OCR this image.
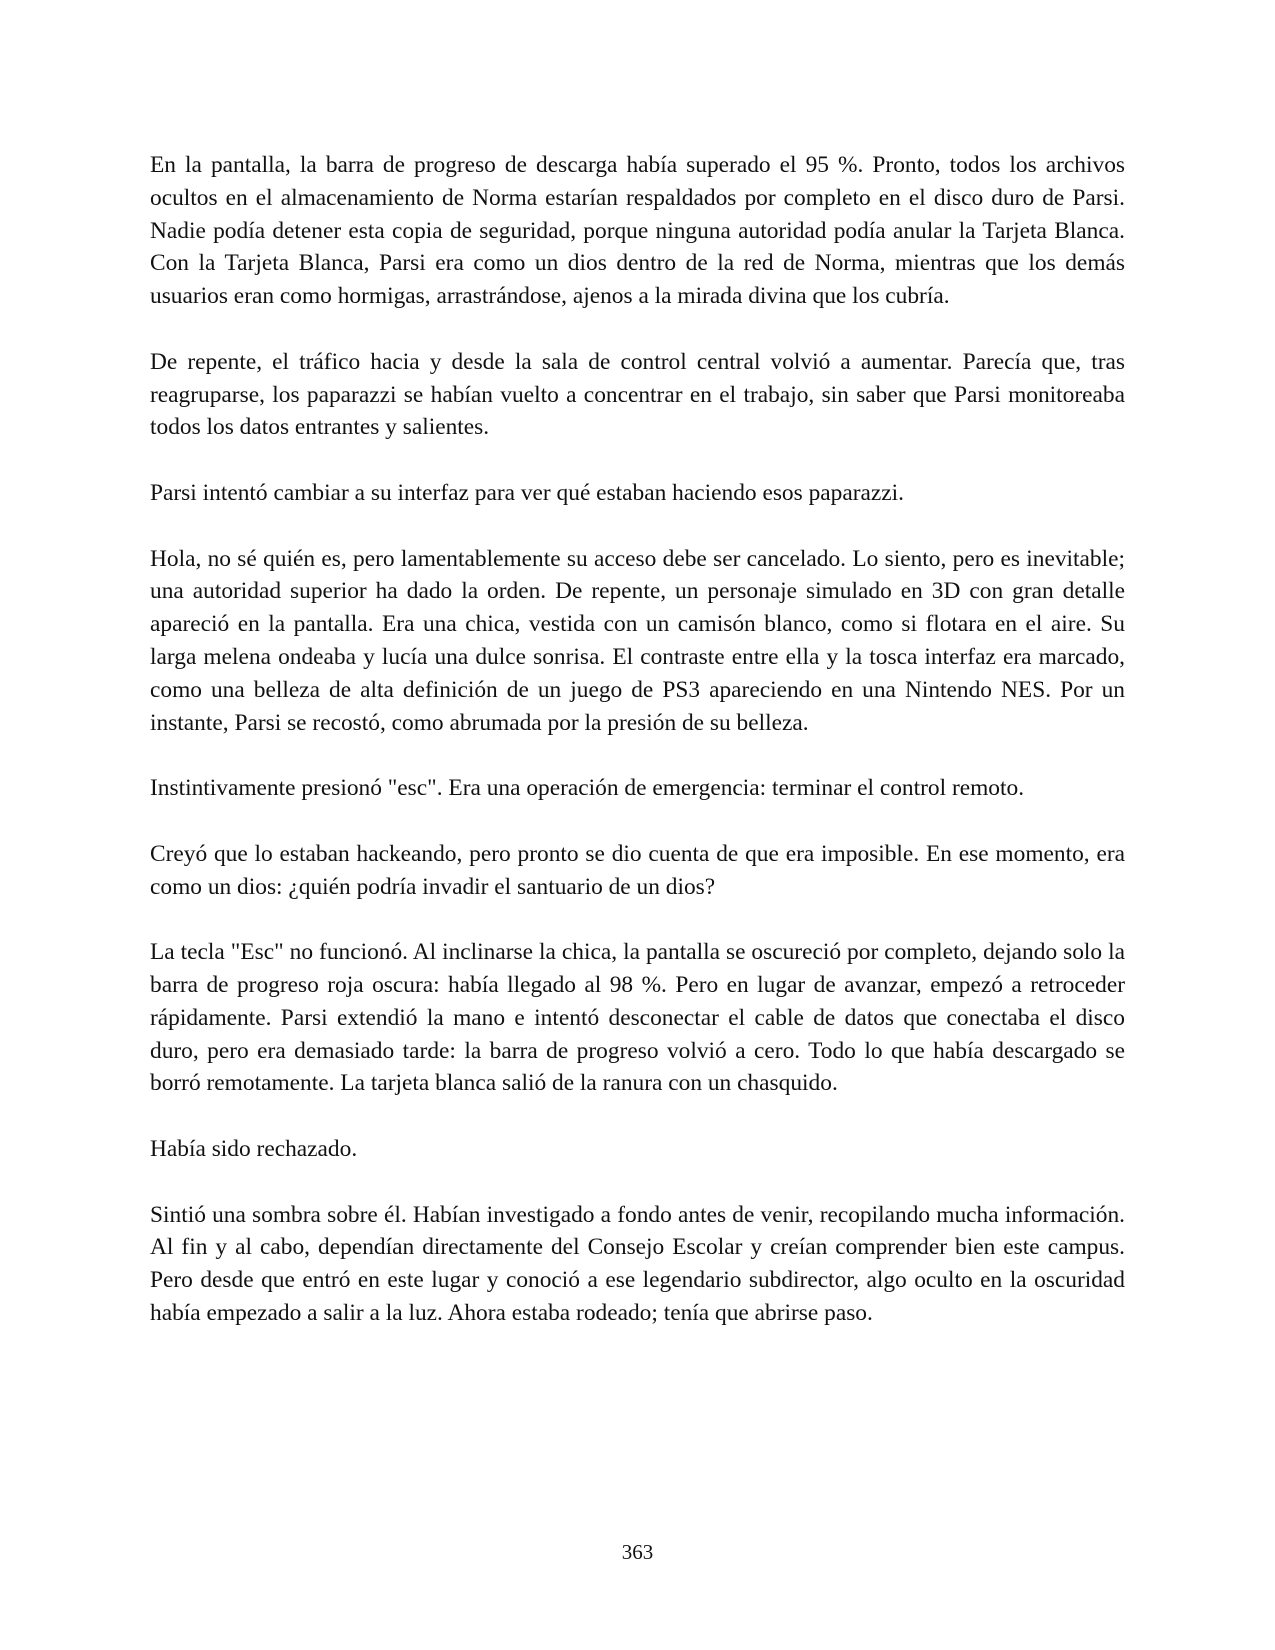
En la pantalla, la barra de progreso de descarga había superado el 95 %. Pronto, todos los archivos ocultos en el almacenamiento de Norma estarían respaldados por completo en el disco duro de Parsi. Nadie podía detener esta copia de seguridad, porque ninguna autoridad podía anular la Tarjeta Blanca. Con la Tarjeta Blanca, Parsi era como un dios dentro de la red de Norma, mientras que los demás usuarios eran como hormigas, arrastrándose, ajenos a la mirada divina que los cubría.

De repente, el tráfico hacia y desde la sala de control central volvió a aumentar. Parecía que, tras reagruparse, los paparazzi se habían vuelto a concentrar en el trabajo, sin saber que Parsi monitoreaba todos los datos entrantes y salientes.

Parsi intentó cambiar a su interfaz para ver qué estaban haciendo esos paparazzi.

Hola, no sé quién es, pero lamentablemente su acceso debe ser cancelado. Lo siento, pero es inevitable; una autoridad superior ha dado la orden. De repente, un personaje simulado en 3D con gran detalle apareció en la pantalla. Era una chica, vestida con un camisón blanco, como si flotara en el aire. Su larga melena ondeaba y lucía una dulce sonrisa. El contraste entre ella y la tosca interfaz era marcado, como una belleza de alta definición de un juego de PS3 apareciendo en una Nintendo NES. Por un instante, Parsi se recostó, como abrumada por la presión de su belleza.

Instintivamente presionó "esc". Era una operación de emergencia: terminar el control remoto.

Creyó que lo estaban hackeando, pero pronto se dio cuenta de que era imposible. En ese momento, era como un dios: ¿quién podría invadir el santuario de un dios?

La tecla "Esc" no funcionó. Al inclinarse la chica, la pantalla se oscureció por completo, dejando solo la barra de progreso roja oscura: había llegado al 98 %. Pero en lugar de avanzar, empezó a retroceder rápidamente. Parsi extendió la mano e intentó desconectar el cable de datos que conectaba el disco duro, pero era demasiado tarde: la barra de progreso volvió a cero. Todo lo que había descargado se borró remotamente. La tarjeta blanca salió de la ranura con un chasquido.

Había sido rechazado.

Sintió una sombra sobre él. Habían investigado a fondo antes de venir, recopilando mucha información. Al fin y al cabo, dependían directamente del Consejo Escolar y creían comprender bien este campus. Pero desde que entró en este lugar y conoció a ese legendario subdirector, algo oculto en la oscuridad había empezado a salir a la luz. Ahora estaba rodeado; tenía que abrirse paso.

363
